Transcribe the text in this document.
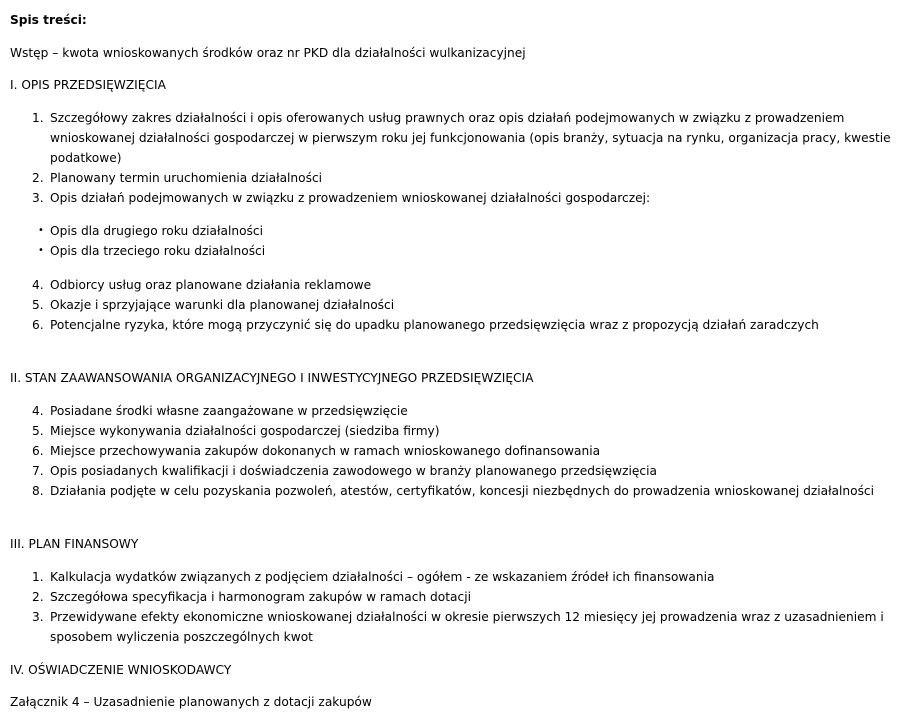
Spis treści:

Wstęp – kwota wnioskowanych środków oraz nr PKD dla działalności wulkanizacyjnej

I. OPIS PRZEDSIĘWZIĘCIA

1. Szczegółowy zakres działalności i opis oferowanych usług prawnych oraz opis działań podejmowanych w związku z prowadzeniem wnioskowanej działalności gospodarczej w pierwszym roku jej funkcjonowania (opis branży, sytuacja na rynku, organizacja pracy, kwestie podatkowe)
2. Planowany termin uruchomienia działalności
3. Opis działań podejmowanych w związku z prowadzeniem wnioskowanej działalności gospodarczej:
• Opis dla drugiego roku działalności
• Opis dla trzeciego roku działalności
4. Odbiorcy usług oraz planowane działania reklamowe
5. Okazje i sprzyjające warunki dla planowanej działalności
6. Potencjalne ryzyka, które mogą przyczynić się do upadku planowanego przedsięwzięcia wraz z propozycją działań zaradczych

II. STAN ZAAWANSOWANIA ORGANIZACYJNEGO I INWESTYCYJNEGO PRZEDSIĘWZIĘCIA

4. Posiadane środki własne zaangażowane w przedsięwzięcie
5. Miejsce wykonywania działalności gospodarczej (siedziba firmy)
6. Miejsce przechowywania zakupów dokonanych w ramach wnioskowanego dofinansowania
7. Opis posiadanych kwalifikacji i doświadczenia zawodowego w branży planowanego przedsięwzięcia
8. Działania podjęte w celu pozyskania pozwoleń, atestów, certyfikatów, koncesji niezbędnych do prowadzenia wnioskowanej działalności

III. PLAN FINANSOWY

1. Kalkulacja wydatków związanych z podjęciem działalności – ogółem - ze wskazaniem źródeł ich finansowania
2. Szczegółowa specyfikacja i harmonogram zakupów w ramach dotacji
3. Przewidywane efekty ekonomiczne wnioskowanej działalności w okresie pierwszych 12 miesięcy jej prowadzenia wraz z uzasadnieniem i sposobem wyliczenia poszczególnych kwot

IV. OŚWIADCZENIE WNIOSKODAWCY

Załącznik 4 – Uzasadnienie planowanych z dotacji zakupów
